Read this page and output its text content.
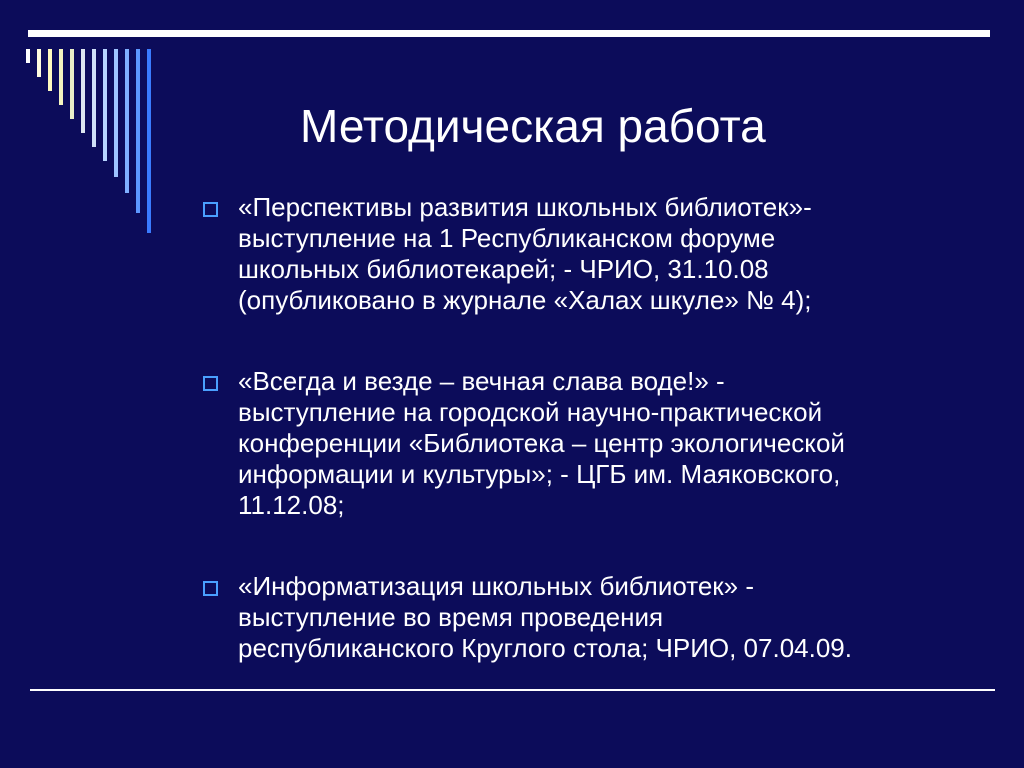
Методическая работа
«Перспективы развития школьных библиотек»-
выступление на 1 Республиканском форуме
школьных библиотекарей; - ЧРИО, 31.10.08
(опубликовано в журнале «Халах шкуле» № 4);
«Всегда и везде – вечная слава воде!» -
выступление на городской научно-практической
конференции «Библиотека – центр экологической
информации и культуры»; - ЦГБ им. Маяковского,
11.12.08;
«Информатизация школьных библиотек» -
выступление во время проведения
республиканского Круглого стола; ЧРИО, 07.04.09.
